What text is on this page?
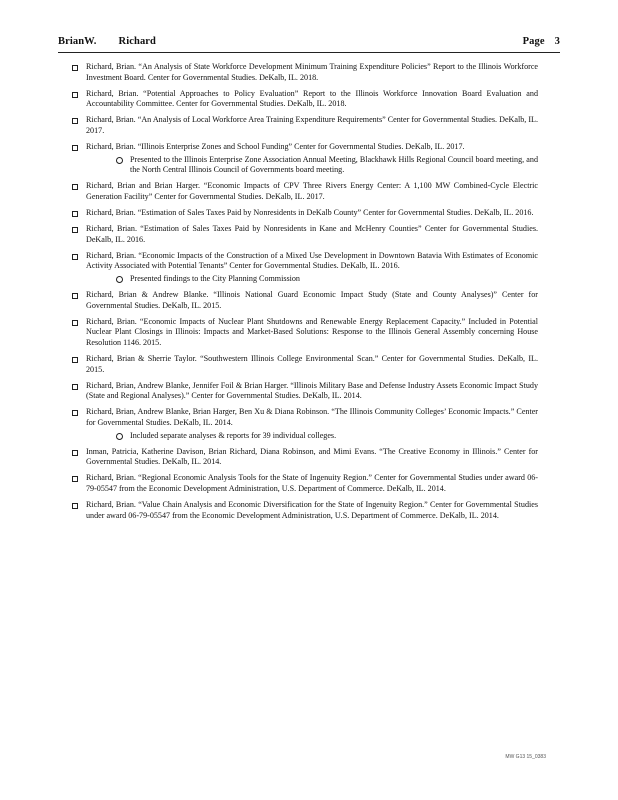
BrianW. Richard	Page 3

Richard, Brian. “An Analysis of State Workforce Development Minimum Training Expenditure Policies” Report to the Illinois Workforce Investment Board. Center for Governmental Studies. DeKalb, IL. 2018.

Richard, Brian. “Potential Approaches to Policy Evaluation” Report to the Illinois Workforce Innovation Board Evaluation and Accountability Committee. Center for Governmental Studies. DeKalb, IL. 2018.

Richard, Brian. “An Analysis of Local Workforce Area Training Expenditure Requirements” Center for Governmental Studies. DeKalb, IL. 2017.

Richard, Brian. “Illinois Enterprise Zones and School Funding” Center for Governmental Studies. DeKalb, IL. 2017.

Presented to the Illinois Enterprise Zone Association Annual Meeting, Blackhawk Hills Regional Council board meeting, and the North Central Illinois Council of Governments board meeting.

Richard, Brian and Brian Harger. “Economic Impacts of CPV Three Rivers Energy Center: A 1,100 MW Combined-Cycle Electric Generation Facility” Center for Governmental Studies. DeKalb, IL. 2017.

Richard, Brian. “Estimation of Sales Taxes Paid by Nonresidents in DeKalb County” Center for Governmental Studies. DeKalb, IL. 2016.

Richard, Brian. “Estimation of Sales Taxes Paid by Nonresidents in Kane and McHenry Counties” Center for Governmental Studies. DeKalb, IL. 2016.

Richard, Brian. “Economic Impacts of the Construction of a Mixed Use Development in Downtown Batavia With Estimates of Economic Activity Associated with Potential Tenants” Center for Governmental Studies. DeKalb, IL. 2016.

Presented findings to the City Planning Commission

Richard, Brian & Andrew Blanke. “Illinois National Guard Economic Impact Study (State and County Analyses)” Center for Governmental Studies. DeKalb, IL. 2015.

Richard, Brian. “Economic Impacts of Nuclear Plant Shutdowns and Renewable Energy Replacement Capacity.” Included in Potential Nuclear Plant Closings in Illinois: Impacts and Market-Based Solutions: Response to the Illinois General Assembly concerning House Resolution 1146. 2015.

Richard, Brian & Sherrie Taylor. “Southwestern Illinois College Environmental Scan.” Center for Governmental Studies. DeKalb, IL. 2015.

Richard, Brian, Andrew Blanke, Jennifer Foil & Brian Harger. “Illinois Military Base and Defense Industry Assets Economic Impact Study (State and Regional Analyses).” Center for Governmental Studies. DeKalb, IL. 2014.

Richard, Brian, Andrew Blanke, Brian Harger, Ben Xu & Diana Robinson. “The Illinois Community Colleges’ Economic Impacts.” Center for Governmental Studies. DeKalb, IL. 2014.

Included separate analyses & reports for 39 individual colleges.

Inman, Patricia, Katherine Davison, Brian Richard, Diana Robinson, and Mimi Evans. “The Creative Economy in Illinois.” Center for Governmental Studies. DeKalb, IL. 2014.

Richard, Brian. “Regional Economic Analysis Tools for the State of Ingenuity Region.” Center for Governmental Studies under award 06-79-05547 from the Economic Development Administration, U.S. Department of Commerce. DeKalb, IL. 2014.

Richard, Brian. “Value Chain Analysis and Economic Diversification for the State of Ingenuity Region.” Center for Governmental Studies under award 06-79-05547 from the Economic Development Administration, U.S. Department of Commerce. DeKalb, IL. 2014.

MW G13 15_0383
